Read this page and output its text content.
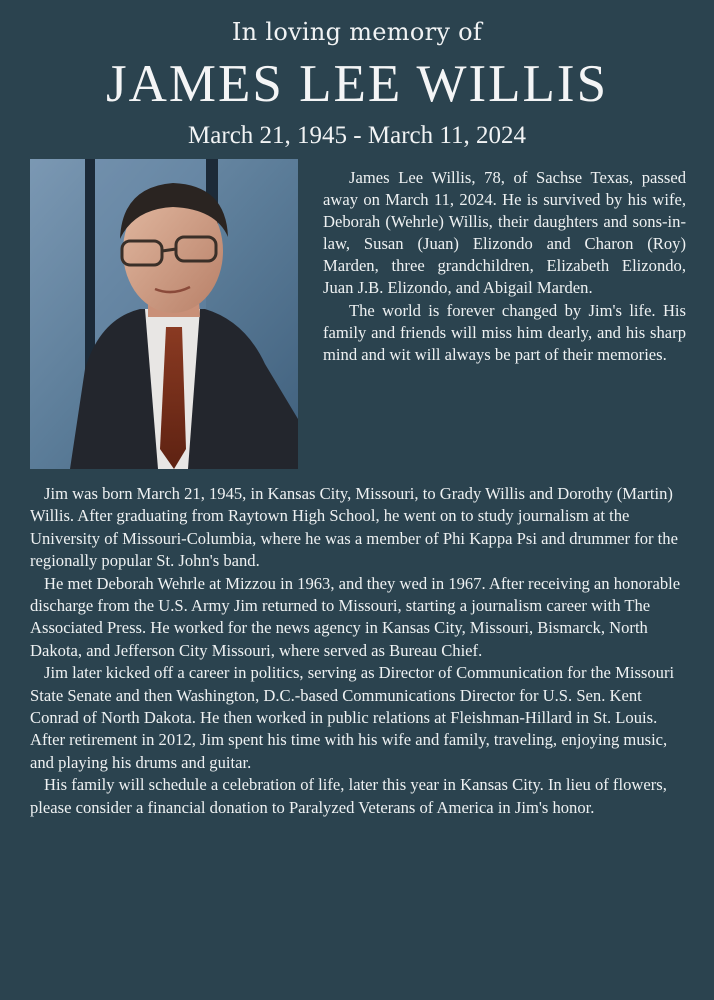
In loving memory of
JAMES LEE WILLIS
March 21, 1945 - March 11, 2024

James Lee Willis, 78, of Sachse Texas, passed away on March 11, 2024. He is survived by his wife, Deborah (Wehrle) Willis, their daughters and sons-in-law, Susan (Juan) Elizondo and Charon (Roy) Marden, three grandchildren, Elizabeth Elizondo, Juan J.B. Elizondo, and Abigail Marden.

The world is forever changed by Jim's life. His family and friends will miss him dearly, and his sharp mind and wit will always be part of their memories.

Jim was born March 21, 1945, in Kansas City, Missouri, to Grady Willis and Dorothy (Martin) Willis. After graduating from Raytown High School, he went on to study journalism at the University of Missouri-Columbia, where he was a member of Phi Kappa Psi and drummer for the regionally popular St. John's band.

He met Deborah Wehrle at Mizzou in 1963, and they wed in 1967. After receiving an honorable discharge from the U.S. Army Jim returned to Missouri, starting a journalism career with The Associated Press. He worked for the news agency in Kansas City, Missouri, Bismarck, North Dakota, and Jefferson City Missouri, where served as Bureau Chief.

Jim later kicked off a career in politics, serving as Director of Communication for the Missouri State Senate and then Washington, D.C.-based Communications Director for U.S. Sen. Kent Conrad of North Dakota. He then worked in public relations at Fleishman-Hillard in St. Louis. After retirement in 2012, Jim spent his time with his wife and family, traveling, enjoying music, and playing his drums and guitar.

His family will schedule a celebration of life, later this year in Kansas City. In lieu of flowers, please consider a financial donation to Paralyzed Veterans of America in Jim's honor.
